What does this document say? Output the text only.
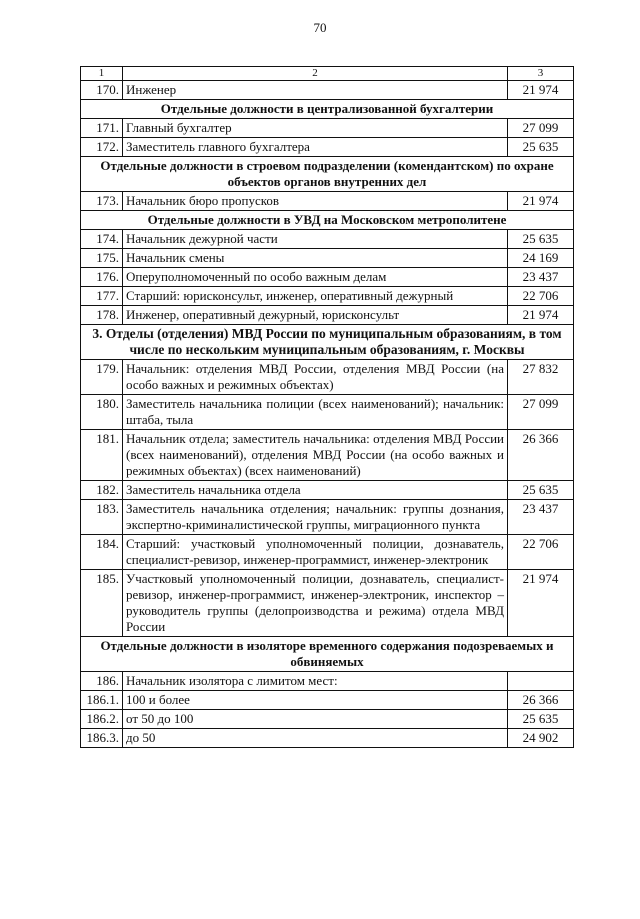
70
1	2	3
170.	Инженер	21 974
Отдельные должности в централизованной бухгалтерии		
171.	Главный бухгалтер	27 099
172.	Заместитель главного бухгалтера	25 635
Отдельные должности в строевом подразделении (комендантском) по охране объектов органов внутренних дел		
173.	Начальник бюро пропусков	21 974
Отдельные должности в УВД на Московском метрополитене		
174.	Начальник дежурной части	25 635
175.	Начальник смены	24 169
176.	Оперуполномоченный по особо важным делам	23 437
177.	Старший: юрисконсульт, инженер, оперативный дежурный	22 706
178.	Инженер, оперативный дежурный, юрисконсульт	21 974
3. Отделы (отделения) МВД России по муниципальным образованиям, в том числе по нескольким муниципальным образованиям, г. Москвы		
179.	Начальник: отделения МВД России, отделения МВД России (на особо важных и режимных объектах)	27 832
180.	Заместитель начальника полиции (всех наименований); начальник: штаба, тыла	27 099
181.	Начальник отдела; заместитель начальника: отделения МВД России (всех наименований), отделения МВД России (на особо важных и режимных объектах) (всех наименований)	26 366
182.	Заместитель начальника отдела	25 635
183.	Заместитель начальника отделения; начальник: группы дознания, экспертно-криминалистической группы, миграционного пункта	23 437
184.	Старший: участковый уполномоченный полиции, дознаватель, специалист-ревизор, инженер-программист, инженер-электроник	22 706
185.	Участковый уполномоченный полиции, дознаватель, специалист-ревизор, инженер-программист, инженер-электроник, инспектор – руководитель группы (делопроизводства и режима) отдела МВД России	21 974
Отдельные должности в изоляторе временного содержания подозреваемых и обвиняемых		
186.	Начальник изолятора с лимитом мест:	
186.1.	100 и более	26 366
186.2.	от 50 до 100	25 635
186.3.	до 50	24 902
